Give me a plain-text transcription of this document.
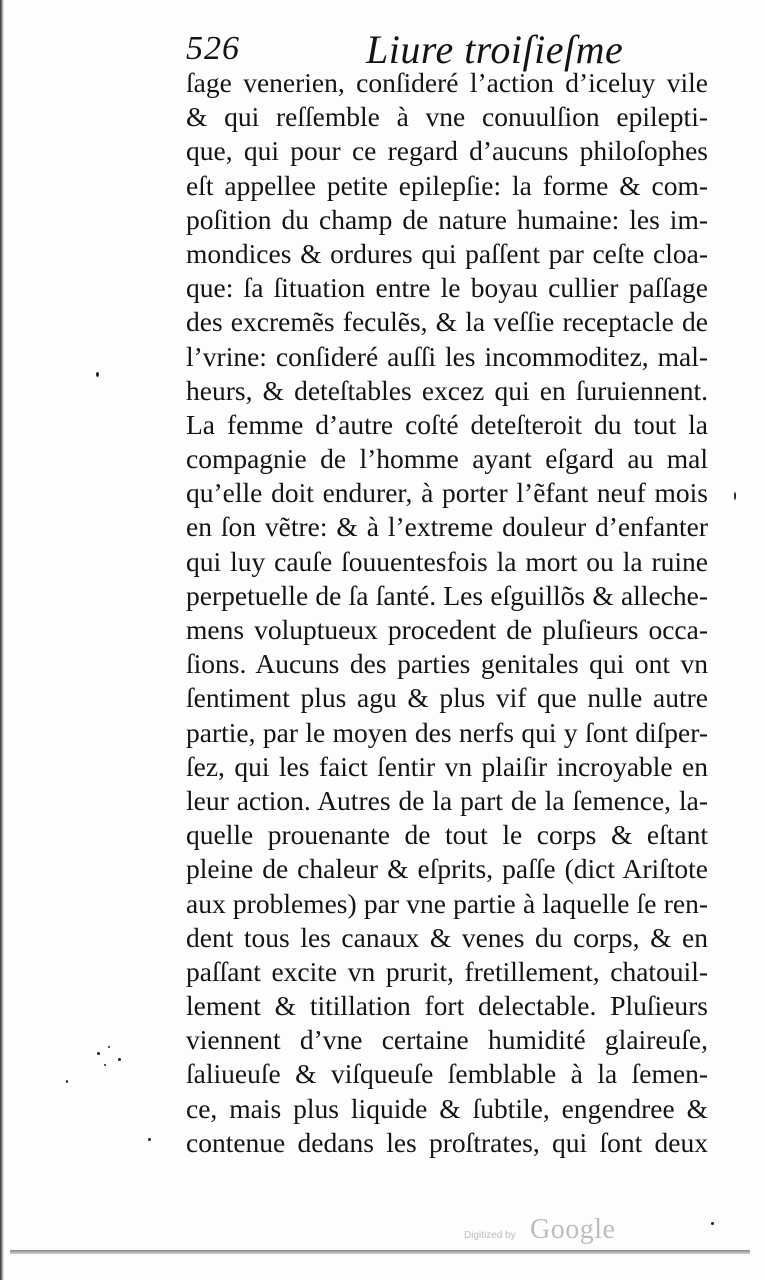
526	Liure troiſieſme
ſage venerien, conſideré l’action d’iceluy vile
& qui reſſemble à vne conuulſion epilepti-
que, qui pour ce regard d’aucuns philoſophes
eſt appellee petite epilepſie: la forme & com-
poſition du champ de nature humaine: les im-
mondices & ordures qui paſſent par ceſte cloa-
que: ſa ſituation entre le boyau cullier paſſage
des excremẽs feculẽs, & la veſſie receptacle de
l’vrine: conſideré auſſi les incommoditez, mal-
heurs, & deteſtables excez qui en ſuruiennent.
La femme d’autre coſté deteſteroit du tout la
compagnie de l’homme ayant eſgard au mal
qu’elle doit endurer, à porter l’ẽfant neuf mois
en ſon vẽtre: & à l’extreme douleur d’enfanter
qui luy cauſe ſouuentesfois la mort ou la ruine
perpetuelle de ſa ſanté. Les eſguillõs & alleche-
mens voluptueux procedent de pluſieurs occa-
ſions. Aucuns des parties genitales qui ont vn
ſentiment plus agu & plus vif que nulle autre
partie, par le moyen des nerfs qui y ſont diſper-
ſez, qui les faict ſentir vn plaiſir incroyable en
leur action. Autres de la part de la ſemence, la-
quelle prouenante de tout le corps & eſtant
pleine de chaleur & eſprits, paſſe (dict Ariſtote
aux problemes) par vne partie à laquelle ſe ren-
dent tous les canaux & venes du corps, & en
paſſant excite vn prurit, fretillement, chatouil-
lement & titillation fort delectable. Pluſieurs
viennent d’vne certaine humidité glaireuſe,
ſaliueuſe & viſqueuſe ſemblable à la ſemen-
ce, mais plus liquide & ſubtile, engendree &
contenue dedans les proſtrates, qui ſont deux
Digitized by Google
